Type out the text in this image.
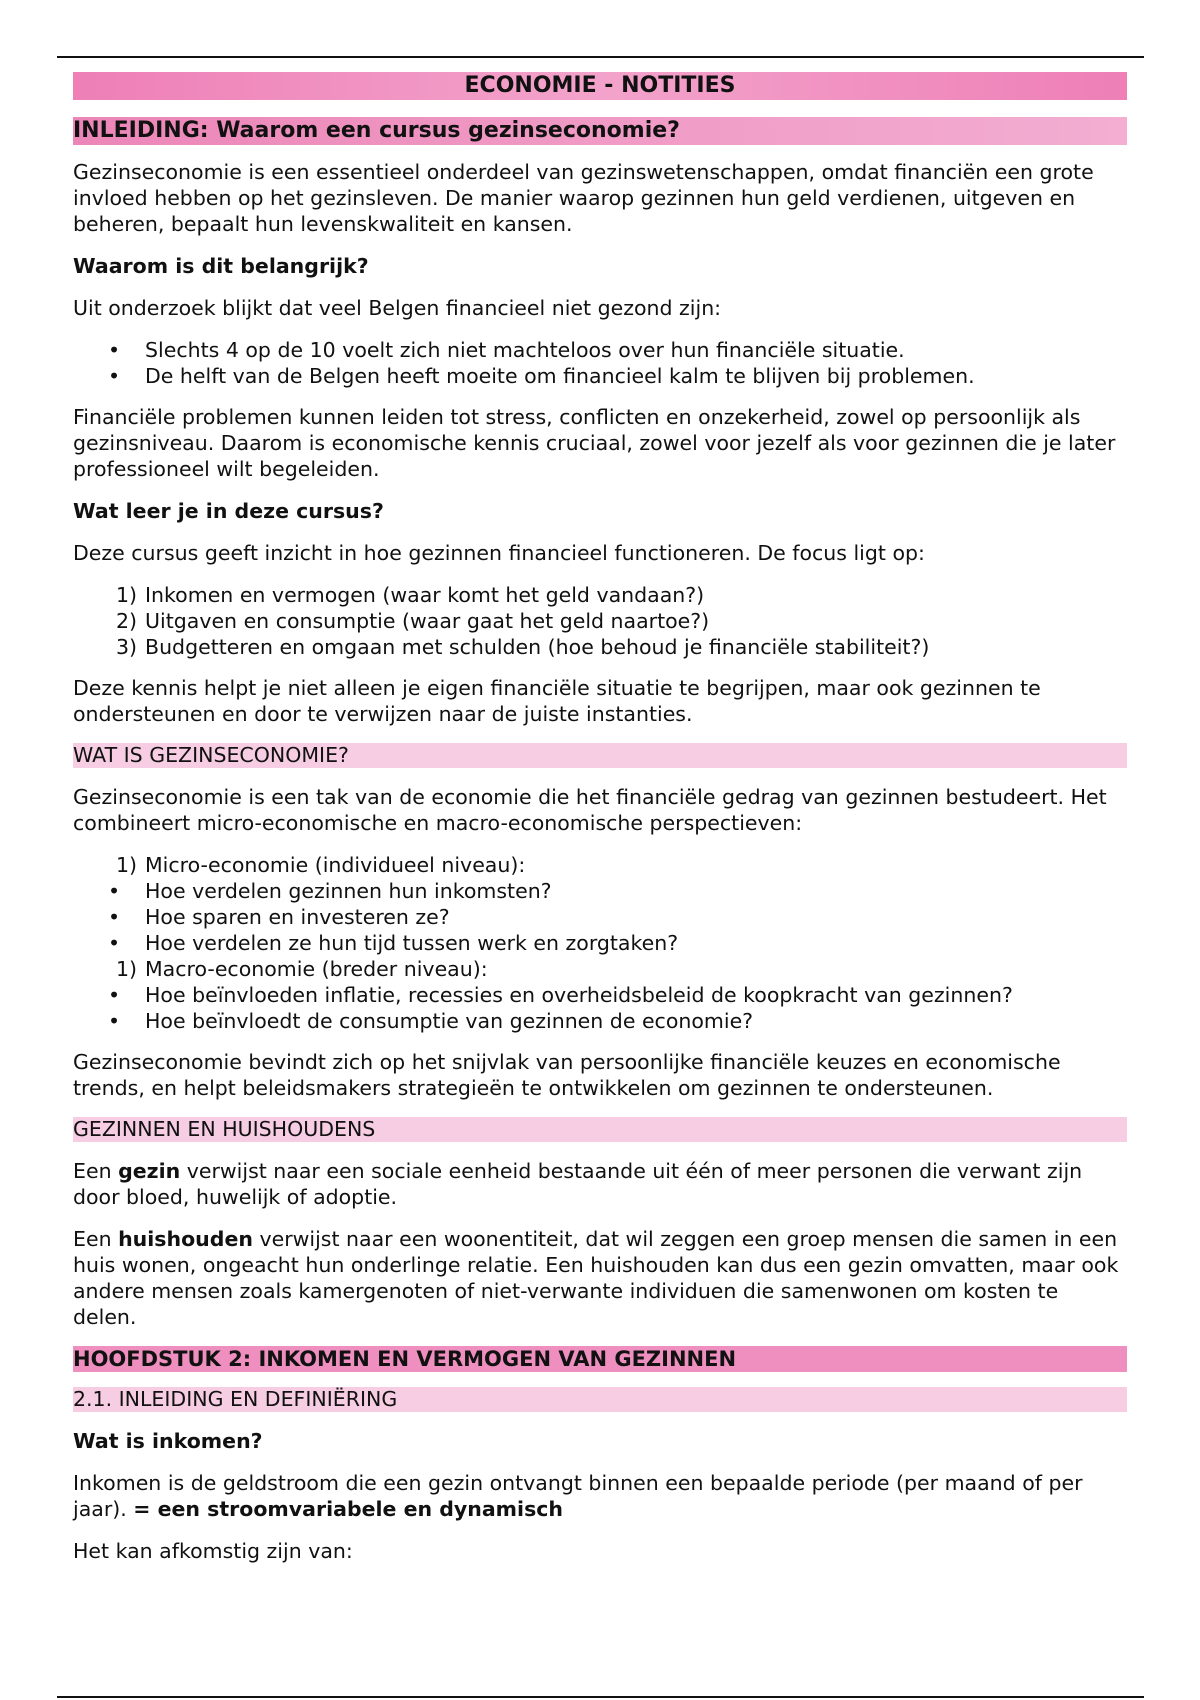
ECONOMIE - NOTITIES
INLEIDING: Waarom een cursus gezinseconomie?

Gezinseconomie is een essentieel onderdeel van gezinswetenschappen, omdat financiën een grote invloed hebben op het gezinsleven. De manier waarop gezinnen hun geld verdienen, uitgeven en beheren, bepaalt hun levenskwaliteit en kansen.

Waarom is dit belangrijk?

Uit onderzoek blijkt dat veel Belgen financieel niet gezond zijn:

• Slechts 4 op de 10 voelt zich niet machteloos over hun financiële situatie.
• De helft van de Belgen heeft moeite om financieel kalm te blijven bij problemen.

Financiële problemen kunnen leiden tot stress, conflicten en onzekerheid, zowel op persoonlijk als gezinsniveau. Daarom is economische kennis cruciaal, zowel voor jezelf als voor gezinnen die je later professioneel wilt begeleiden.

Wat leer je in deze cursus?

Deze cursus geeft inzicht in hoe gezinnen financieel functioneren. De focus ligt op:

1) Inkomen en vermogen (waar komt het geld vandaan?)
2) Uitgaven en consumptie (waar gaat het geld naartoe?)
3) Budgetteren en omgaan met schulden (hoe behoud je financiële stabiliteit?)

Deze kennis helpt je niet alleen je eigen financiële situatie te begrijpen, maar ook gezinnen te ondersteunen en door te verwijzen naar de juiste instanties.

WAT IS GEZINSECONOMIE?

Gezinseconomie is een tak van de economie die het financiële gedrag van gezinnen bestudeert. Het combineert micro-economische en macro-economische perspectieven:

1) Micro-economie (individueel niveau):
• Hoe verdelen gezinnen hun inkomsten?
• Hoe sparen en investeren ze?
• Hoe verdelen ze hun tijd tussen werk en zorgtaken?
1) Macro-economie (breder niveau):
• Hoe beïnvloeden inflatie, recessies en overheidsbeleid de koopkracht van gezinnen?
• Hoe beïnvloedt de consumptie van gezinnen de economie?

Gezinseconomie bevindt zich op het snijvlak van persoonlijke financiële keuzes en economische trends, en helpt beleidsmakers strategieën te ontwikkelen om gezinnen te ondersteunen.

GEZINNEN EN HUISHOUDENS

Een gezin verwijst naar een sociale eenheid bestaande uit één of meer personen die verwant zijn door bloed, huwelijk of adoptie.

Een huishouden verwijst naar een woonentiteit, dat wil zeggen een groep mensen die samen in een huis wonen, ongeacht hun onderlinge relatie. Een huishouden kan dus een gezin omvatten, maar ook andere mensen zoals kamergenoten of niet-verwante individuen die samenwonen om kosten te delen.

HOOFDSTUK 2: INKOMEN EN VERMOGEN VAN GEZINNEN
2.1. INLEIDING EN DEFINIËRING
Wat is inkomen?

Inkomen is de geldstroom die een gezin ontvangt binnen een bepaalde periode (per maand of per jaar). = een stroomvariabele en dynamisch

Het kan afkomstig zijn van:
